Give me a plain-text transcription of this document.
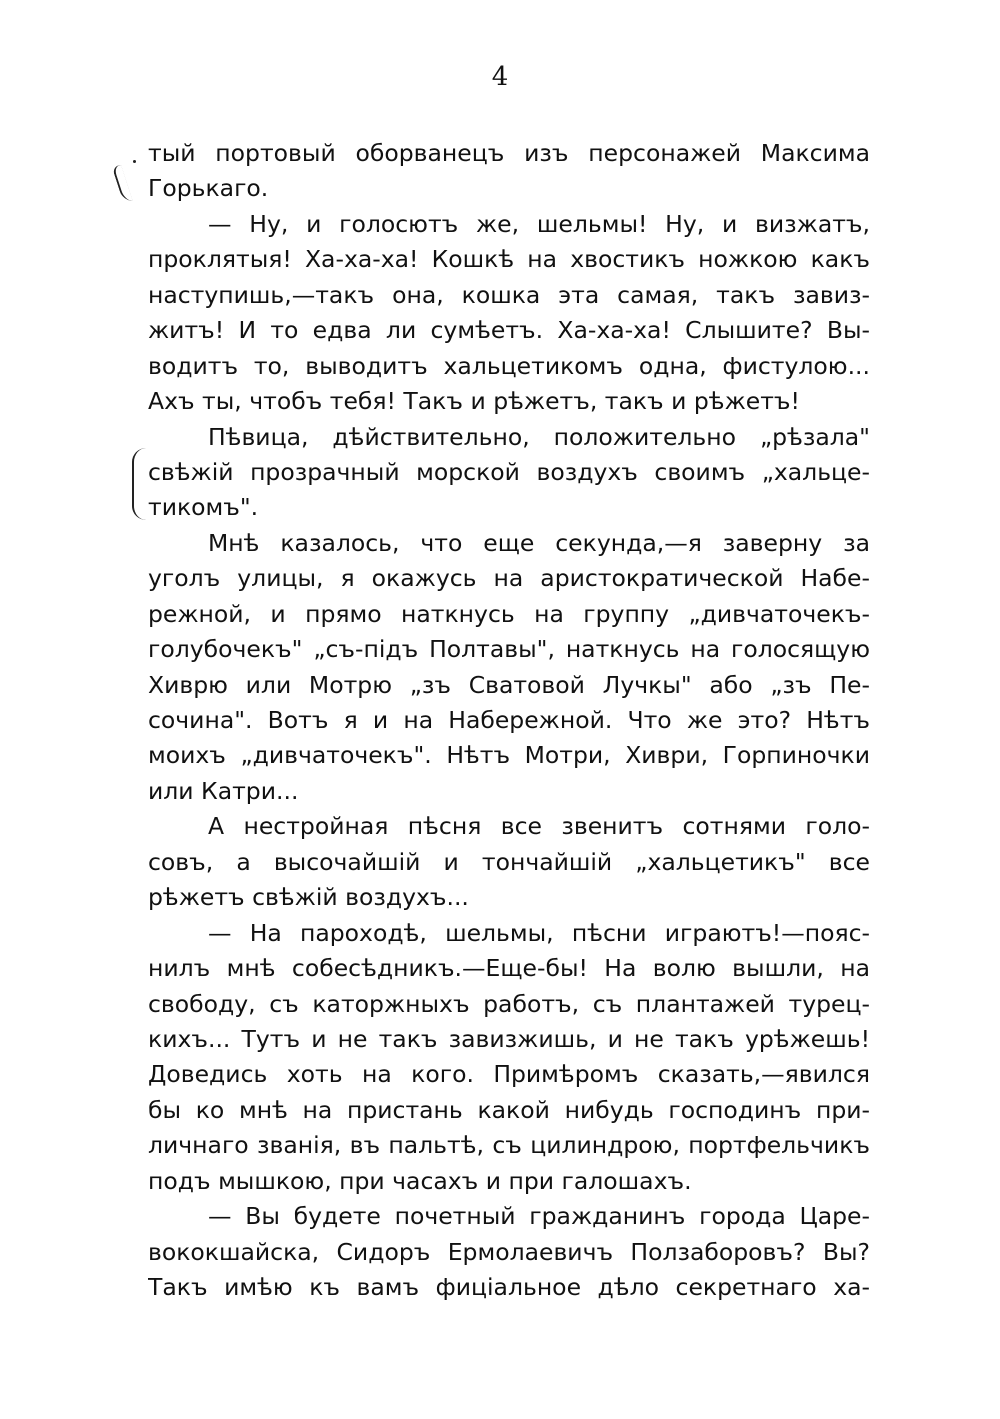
4
тый портовый оборванецъ изъ персонажей Максима
Горькаго.
— Ну, и голосютъ же, шельмы! Ну, и визжатъ,
проклятыя! Ха-ха-ха! Кошкѣ на хвостикъ ножкою какъ
наступишь,—такъ она, кошка эта самая, такъ завиз-
житъ! И то едва ли сумѣетъ. Ха-ха-ха! Слышите? Вы-
водитъ то, выводитъ хальцетикомъ одна, фистулою...
Ахъ ты, чтобъ тебя! Такъ и рѣжетъ, такъ и рѣжетъ!
Пѣвица, дѣйствительно, положительно „рѣзала"
свѣжій прозрачный морской воздухъ своимъ „хальце-
тикомъ".
Мнѣ казалось, что еще секунда,—я заверну за
уголъ улицы, я окажусь на аристократической Набе-
режной, и прямо наткнусь на группу „дивчаточекъ-
голубочекъ" „съ-підъ Полтавы", наткнусь на голосящую
Хиврю или Мотрю „зъ Сватовой Лучкы" або „зъ Пе-
сочина". Вотъ я и на Набережной. Что же это? Нѣтъ
моихъ „дивчаточекъ". Нѣтъ Мотри, Хиври, Горпиночки
или Катри...
А нестройная пѣсня все звенитъ сотнями голо-
совъ, а высочайшій и тончайшій „хальцетикъ" все
рѣжетъ свѣжій воздухъ...
— На пароходѣ, шельмы, пѣсни играютъ!—пояс-
нилъ мнѣ собесѣдникъ.—Еще-бы! На волю вышли, на
свободу, съ каторжныхъ работъ, съ плантажей турец-
кихъ... Тутъ и не такъ завизжишь, и не такъ урѣжешь!
Доведись хоть на кого. Примѣромъ сказать,—явился
бы ко мнѣ на пристань какой нибудь господинъ при-
личнаго званія, въ пальтѣ, съ цилиндрою, портфельчикъ
подъ мышкою, при часахъ и при галошахъ.
— Вы будете почетный гражданинъ города Царе-
вококшайска, Сидоръ Ермолаевичъ Ползаборовъ? Вы?
Такъ имѣю къ вамъ фиціальное дѣло секретнаго ха-
